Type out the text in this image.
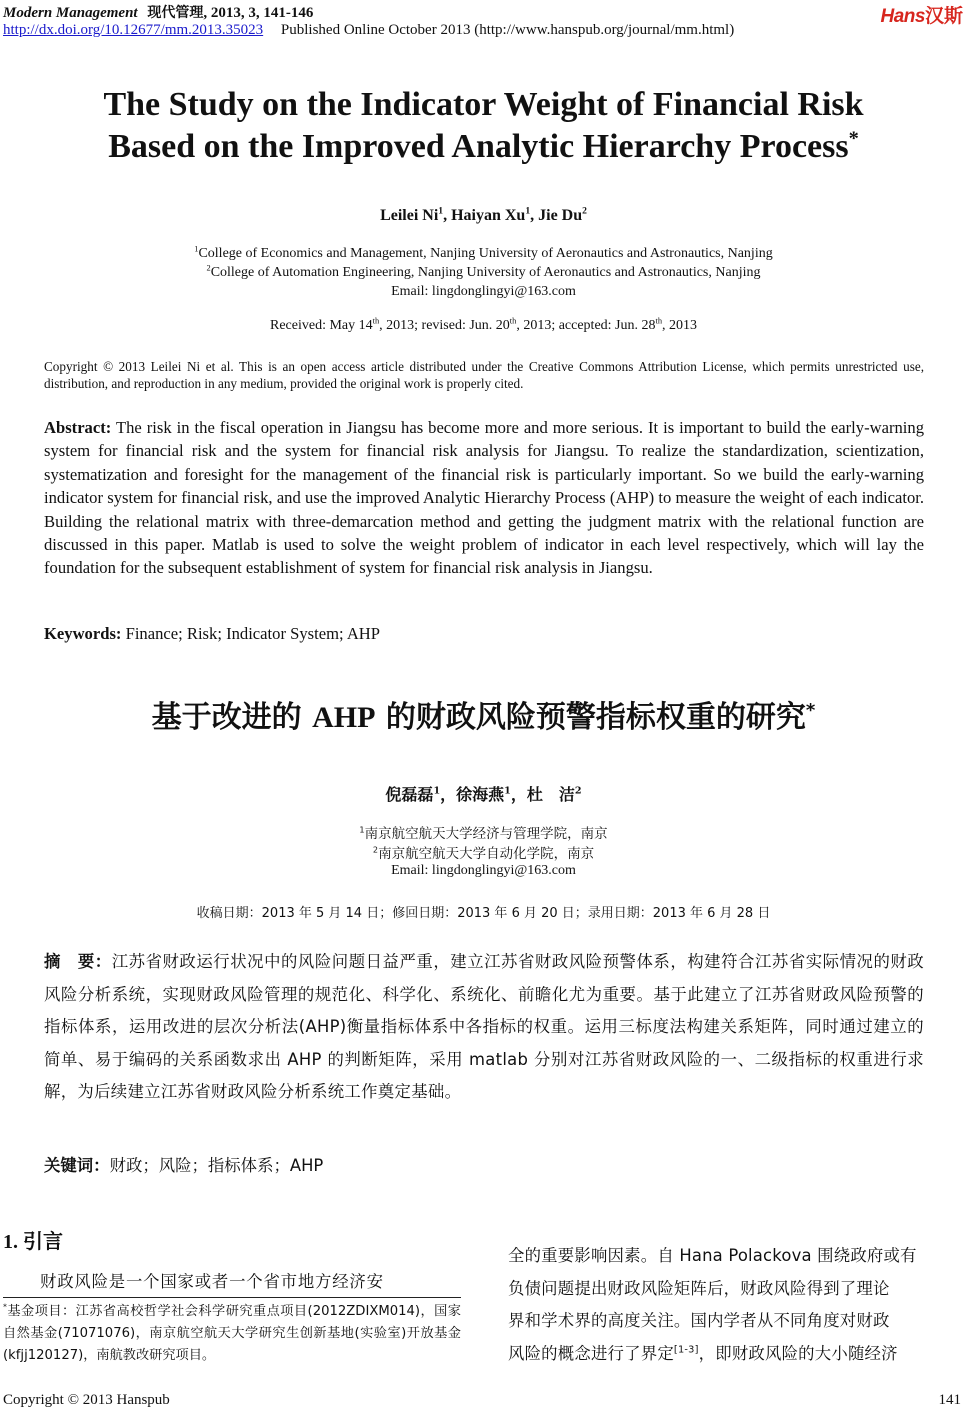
Modern Management 现代管理, 2013, 3, 141-146
http://dx.doi.org/10.12677/mm.2013.35023 Published Online October 2013 (http://www.hanspub.org/journal/mm.html)
Hans汉斯
The Study on the Indicator Weight of Financial Risk
Based on the Improved Analytic Hierarchy Process*
Leilei Ni$^1$, Haiyan Xu$^1$, Jie Du$^2$
$^1$College of Economics and Management, Nanjing University of Aeronautics and Astronautics, Nanjing
$^2$College of Automation Engineering, Nanjing University of Aeronautics and Astronautics, Nanjing
Email: lingdonglingyi@163.com
Received: May 14th, 2013; revised: Jun. 20th, 2013; accepted: Jun. 28th, 2013
Copyright © 2013 Leilei Ni et al. This is an open access article distributed under the Creative Commons Attribution License, which permits unrestricted use, distribution, and reproduction in any medium, provided the original work is properly cited.
Abstract: The risk in the fiscal operation in Jiangsu has become more and more serious. It is important to build the early-warning system for financial risk and the system for financial risk analysis for Jiangsu. To realize the standardization, scientization, systematization and foresight for the management of the financial risk is particularly important. So we build the early-warning indicator system for financial risk, and use the improved Analytic Hierarchy Process (AHP) to measure the weight of each indicator. Building the relational matrix with three-demarcation method and getting the judgment matrix with the relational function are discussed in this paper. Matlab is used to solve the weight problem of indicator in each level respectively, which will lay the foundation for the subsequent establishment of system for financial risk analysis in Jiangsu.
Keywords: Finance; Risk; Indicator System; AHP
基于改进的 AHP 的财政风险预警指标权重的研究*
倪磊磊$^1$，徐海燕$^1$，杜　洁$^2$
$^1$南京航空航天大学经济与管理学院，南京
$^2$南京航空航天大学自动化学院，南京
Email: lingdonglingyi@163.com
收稿日期：2013 年 5 月 14 日；修回日期：2013 年 6 月 20 日；录用日期：2013 年 6 月 28 日
摘　要：江苏省财政运行状况中的风险问题日益严重，建立江苏省财政风险预警体系，构建符合江苏省实际情况的财政风险分析系统，实现财政风险管理的规范化、科学化、系统化、前瞻化尤为重要。基于此建立了江苏省财政风险预警的指标体系，运用改进的层次分析法(AHP)衡量指标体系中各指标的权重。运用三标度法构建关系矩阵，同时通过建立的简单、易于编码的关系函数求出 AHP 的判断矩阵，采用 matlab 分别对江苏省财政风险的一、二级指标的权重进行求解，为后续建立江苏省财政风险分析系统工作奠定基础。
关键词：财政；风险；指标体系；AHP
1. 引言
财政风险是一个国家或者一个省市地方经济安
*基金项目：江苏省高校哲学社会科学研究重点项目(2012ZDIXM014)，国家自然基金(71071076)，南京航空航天大学研究生创新基地(实验室)开放基金(kfjj120127)，南航教改研究项目。
全的重要影响因素。自 Hana Polackova 围绕政府或有
负债问题提出财政风险矩阵后，财政风险得到了理论
界和学术界的高度关注。国内学者从不同角度对财政
风险的概念进行了界定[1-3]，即财政风险的大小随经济
Copyright © 2013 Hanspub	141
